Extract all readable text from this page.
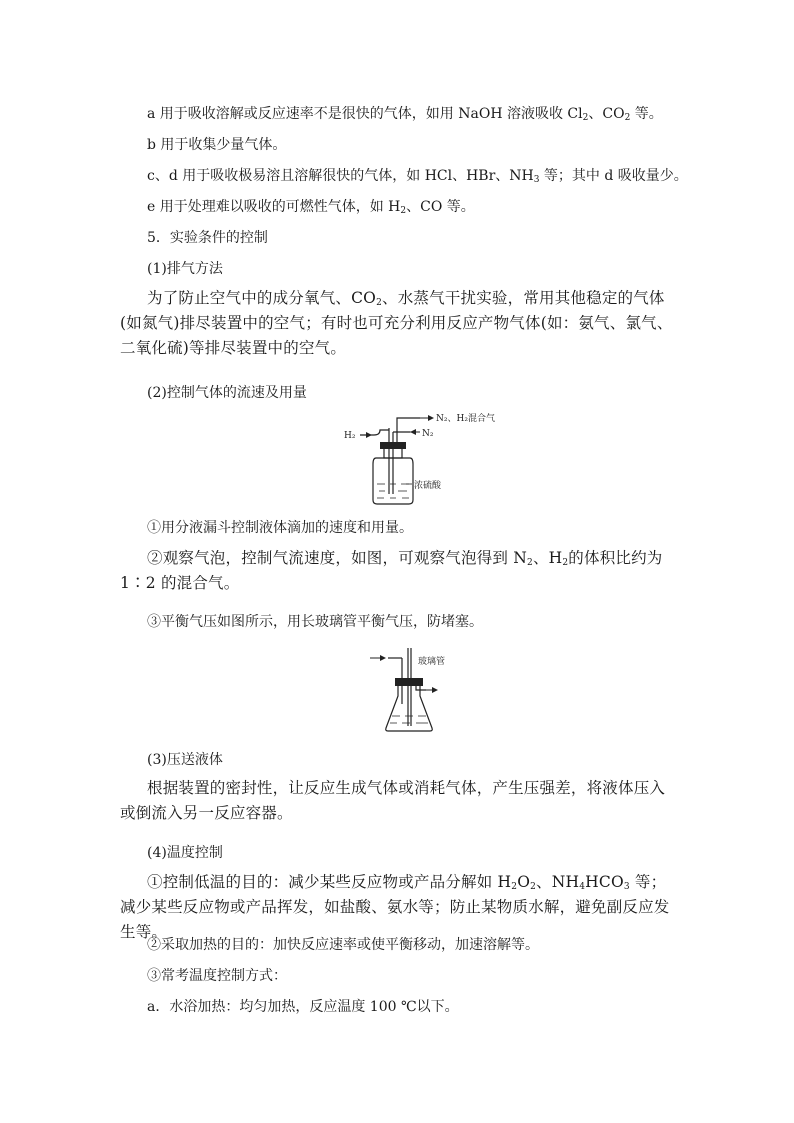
a 用于吸收溶解或反应速率不是很快的气体，如用 NaOH 溶液吸收 $Cl_2$、$CO_2$ 等。
b 用于收集少量气体。
c、d 用于吸收极易溶且溶解很快的气体，如 HCl、HBr、$NH_3$ 等；其中 d 吸收量少。
e 用于处理难以吸收的可燃性气体，如 $H_2$、CO 等。
5．实验条件的控制
(1)排气方法
为了防止空气中的成分氧气、$CO_2$、水蒸气干扰实验，常用其他稳定的气体(如氮气)排尽装置中的空气；有时也可充分利用反应产物气体(如：氨气、氯气、二氧化硫)等排尽装置中的空气。
(2)控制气体的流速及用量
N₂、H₂混合气
H₂	N₂
浓硫酸
①用分液漏斗控制液体滴加的速度和用量。
②观察气泡，控制气流速度，如图，可观察气泡得到 $N_2$、$H_2$的体积比约为 1∶2 的混合气。
③平衡气压如图所示，用长玻璃管平衡气压，防堵塞。
玻璃管
(3)压送液体
根据装置的密封性，让反应生成气体或消耗气体，产生压强差，将液体压入或倒流入另一反应容器。
(4)温度控制
①控制低温的目的：减少某些反应物或产品分解如 $H_2O_2$、$NH_4HCO_3$ 等；减少某些反应物或产品挥发，如盐酸、氨水等；防止某物质水解，避免副反应发生等。
②采取加热的目的：加快反应速率或使平衡移动，加速溶解等。
③常考温度控制方式：
a．水浴加热：均匀加热，反应温度 100 ℃以下。
